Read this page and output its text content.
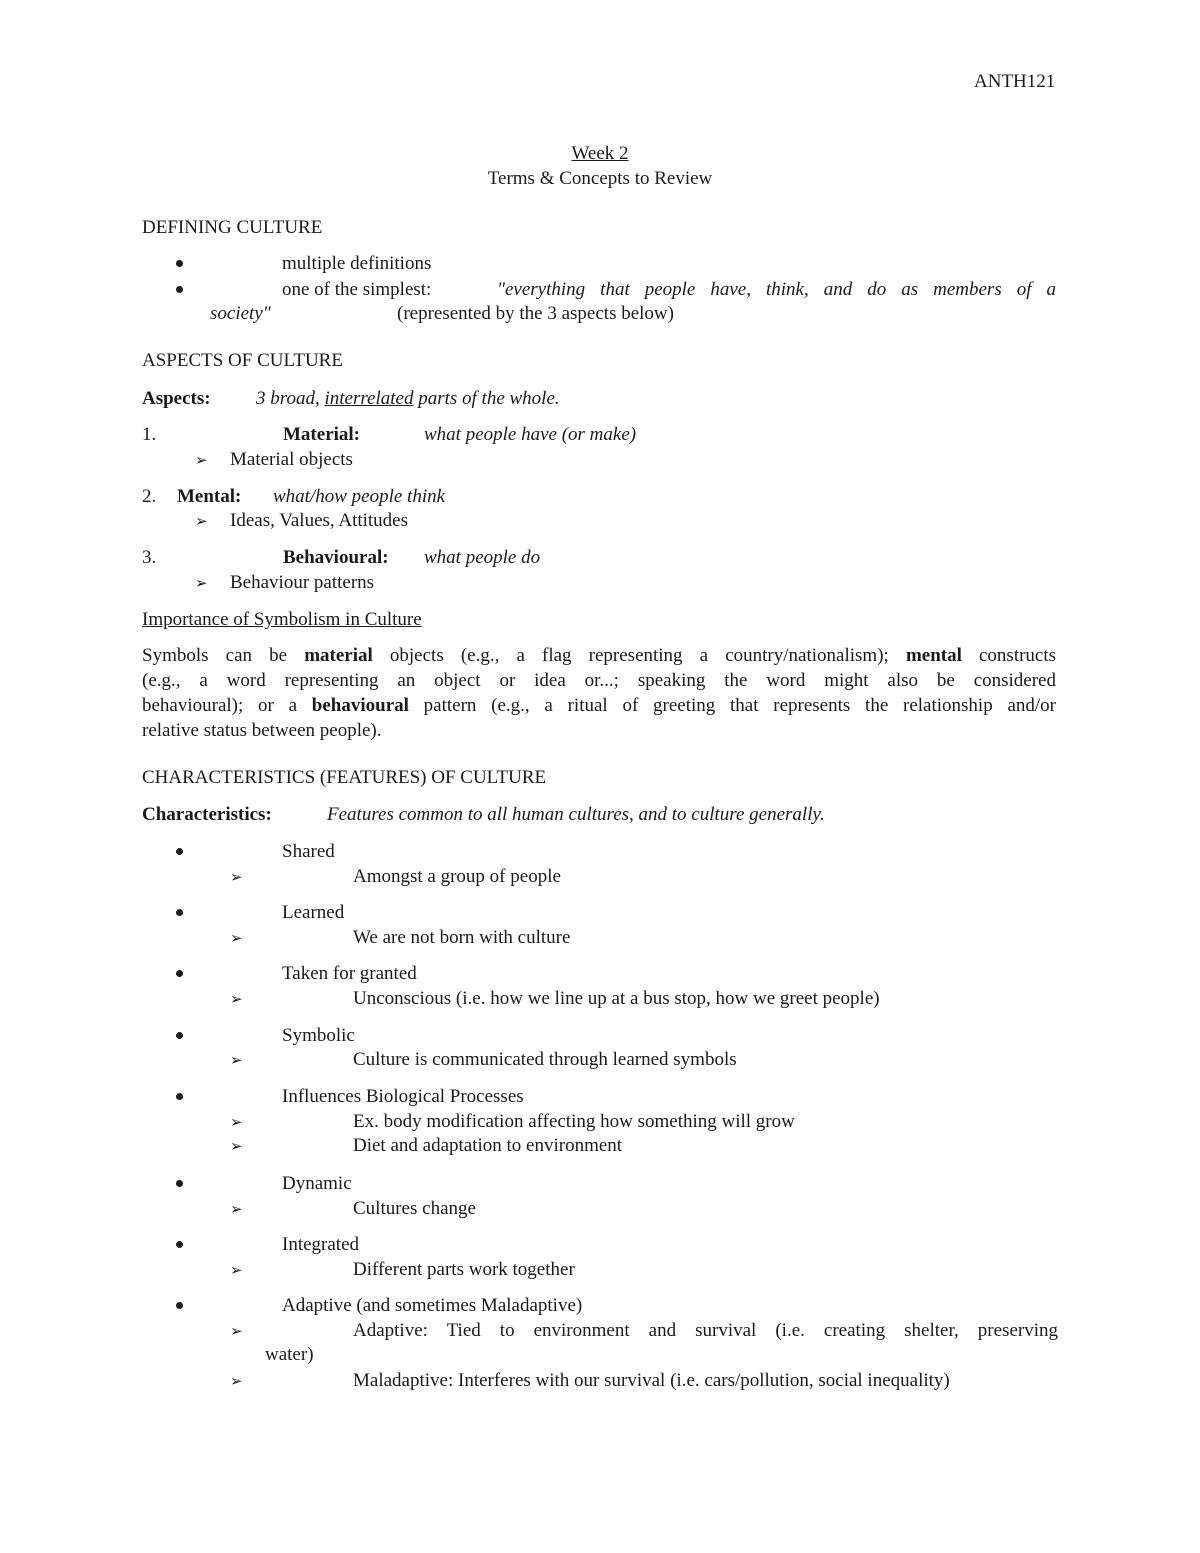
ANTH121
Week 2
Terms & Concepts to Review
DEFINING CULTURE
multiple definitions
one of the simplest:	"everything that people have, think, and do as members of a
society"	(represented by the 3 aspects below)
ASPECTS OF CULTURE
Aspects: 3 broad, interrelated parts of the whole.
1.	Material:	what people have (or make)
➢ Material objects
2. Mental: what/how people think
➢ Ideas, Values, Attitudes
3.	Behavioural: what people do
➢ Behaviour patterns
Importance of Symbolism in Culture
Symbols can be material objects (e.g., a flag representing a country/nationalism); mental constructs
(e.g., a word representing an object or idea or...; speaking the word might also be considered
behavioural); or a behavioural pattern (e.g., a ritual of greeting that represents the relationship and/or
relative status between people).
CHARACTERISTICS (FEATURES) OF CULTURE
Characteristics:	Features common to all human cultures, and to culture generally.
Shared
➢	Amongst a group of people
Learned
➢	We are not born with culture
Taken for granted
➢	Unconscious (i.e. how we line up at a bus stop, how we greet people)
Symbolic
➢	Culture is communicated through learned symbols
Influences Biological Processes
➢	Ex. body modification affecting how something will grow
➢	Diet and adaptation to environment
Dynamic
➢	Cultures change
Integrated
➢	Different parts work together
Adaptive (and sometimes Maladaptive)
➢	Adaptive: Tied to environment and survival (i.e. creating shelter, preserving
water)
➢	Maladaptive: Interferes with our survival (i.e. cars/pollution, social inequality)
